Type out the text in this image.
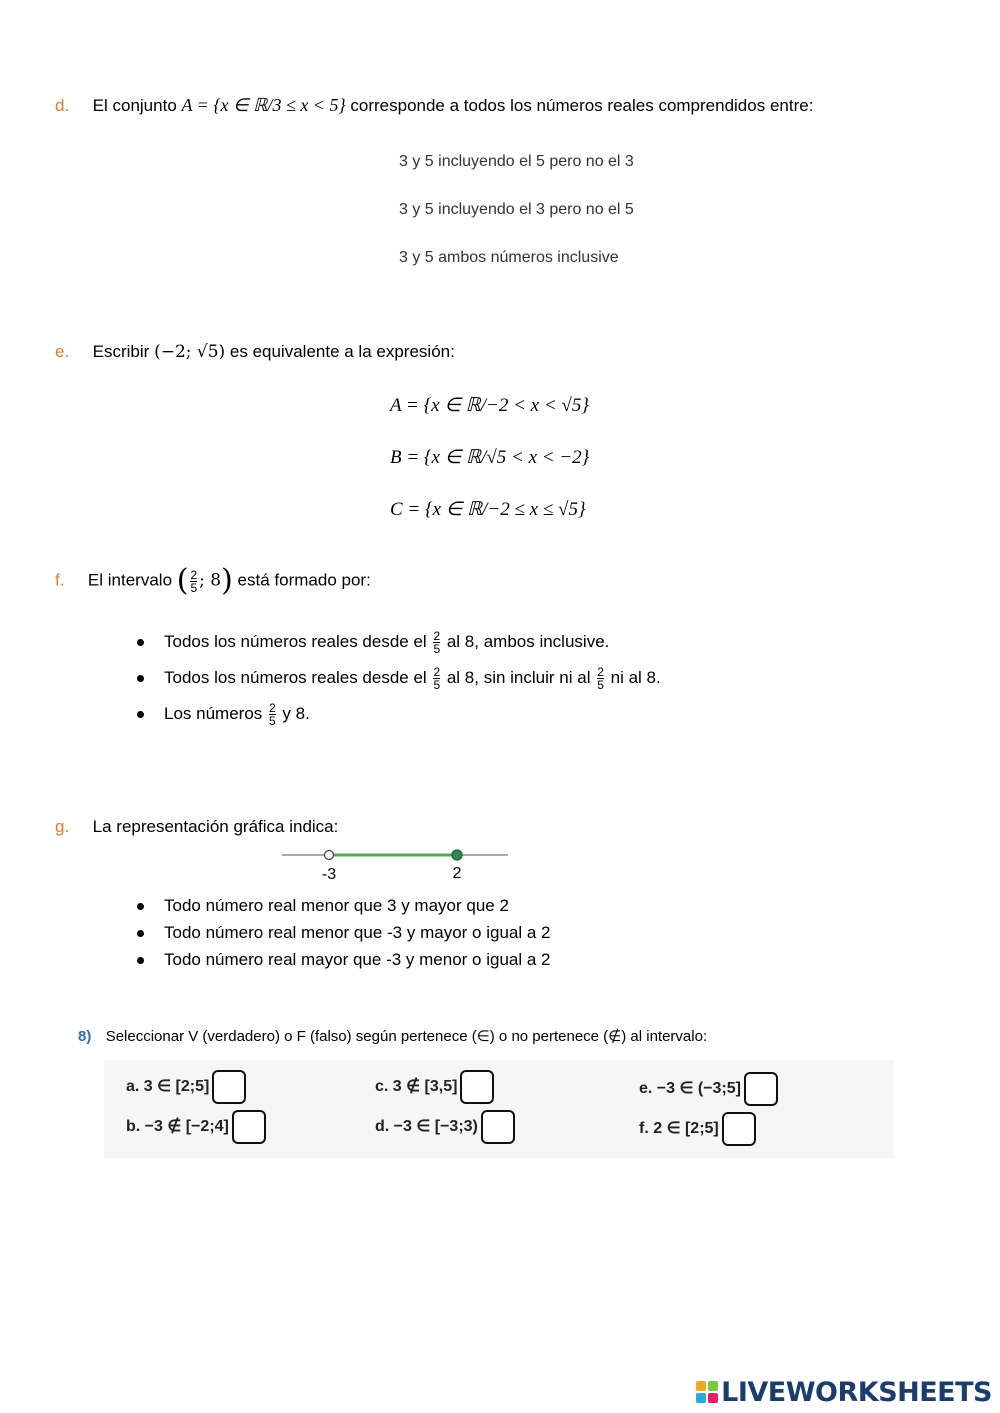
d. El conjunto A = {x ∈ ℝ/3 ≤ x < 5} corresponde a todos los números reales comprendidos entre:
3 y 5 incluyendo el 5 pero no el 3
3 y 5 incluyendo el 3 pero no el 5
3 y 5 ambos números inclusive
e. Escribir (−2; √5) es equivalente a la expresión:
A = {x ∈ ℝ/−2 < x < √5}
B = {x ∈ ℝ/√5 < x < −2}
C = {x ∈ ℝ/−2 ≤ x ≤ √5}
f. El intervalo ( $\frac{2}{5}$ ; 8) está formado por:
Todos los números reales desde el $\frac{2}{5}$ al 8, ambos inclusive.
Todos los números reales desde el $\frac{2}{5}$ al 8, sin incluir ni al $\frac{2}{5}$ ni al 8.
Los números $\frac{2}{5}$ y 8.
g. La representación gráfica indica:
-3	2
Todo número real menor que 3 y mayor que 2
Todo número real menor que -3 y mayor o igual a 2
Todo número real mayor que -3 y menor o igual a 2
8) Seleccionar V (verdadero) o F (falso) según pertenece (∈) o no pertenece (∉) al intervalo:
a. 3 ∈ [2;5]
b. −3 ∉ [−2;4]
c. 3 ∉ [3,5]
d. −3 ∈ [−3;3)
e. −3 ∈ (−3;5]
f. 2 ∈ [2;5]
LIVEWORKSHEETS
